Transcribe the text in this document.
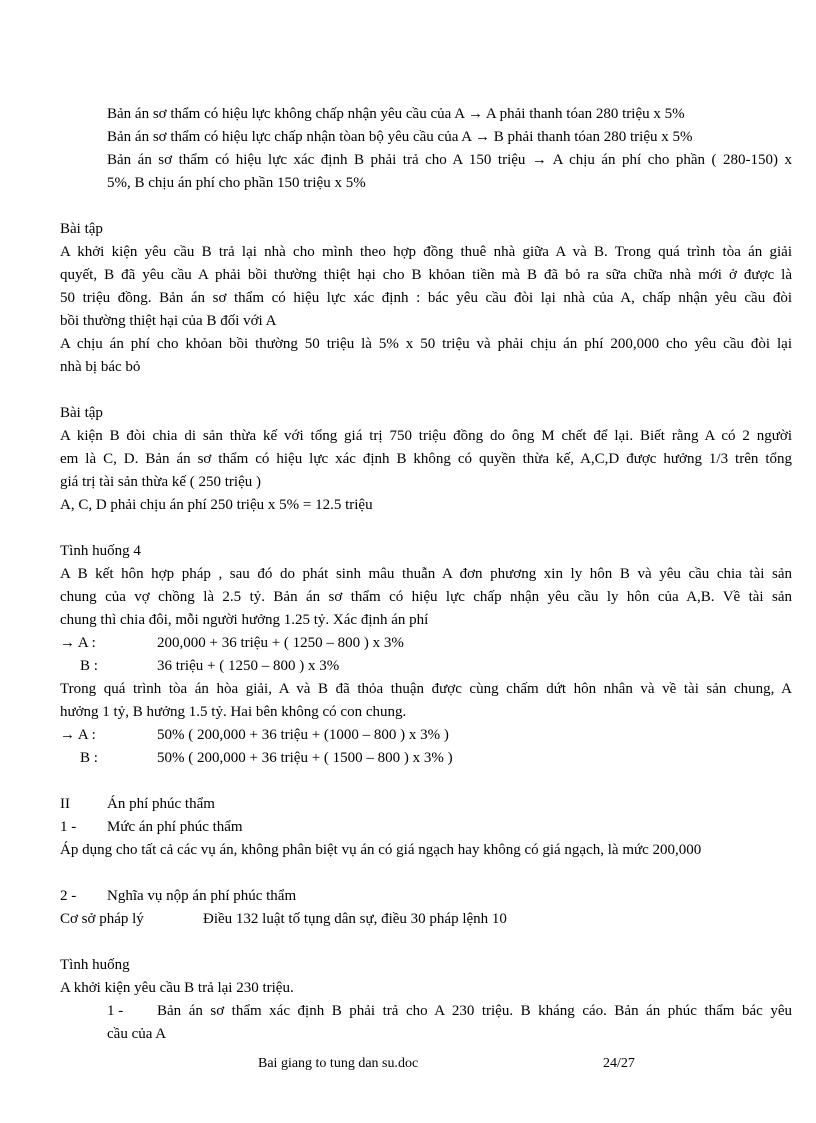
Bản án sơ thẩm có hiệu lực không chấp nhận yêu cầu của A → A phải thanh tóan 280 triệu x 5%
Bản án sơ thẩm có hiệu lực chấp nhận tòan bộ yêu cầu của A → B phải thanh tóan 280 triệu x 5%
Bản án sơ thẩm có hiệu lực xác định B phải trả cho A 150 triệu → A chịu án phí cho phần ( 280-150) x
5%, B chịu án phí cho phần 150 triệu x 5%
Bài tập
A khởi kiện yêu cầu B trả lại nhà cho mình theo hợp đồng thuê nhà giữa A và B. Trong quá trình tòa án giải
quyết, B đã yêu cầu A phải bồi thường thiệt hại cho B khỏan tiền mà B đã bỏ ra sữa chữa nhà mới ở được là
50 triệu đồng. Bản án sơ thẩm có hiệu lực xác định : bác yêu cầu đòi lại nhà của A, chấp nhận yêu cầu đòi
bồi thường thiệt hại của B đối với A
A chịu án phí cho khỏan bồi thường 50 triệu là 5% x 50 triệu và phải chịu án phí 200,000 cho yêu cầu đòi lại
nhà bị bác bỏ
Bài tập
A kiện B đòi chia di sản thừa kế với tổng giá trị 750 triệu đồng do ông M chết để lại. Biết rằng A có 2 người
em là C, D. Bản án sơ thẩm có hiệu lực xác định B không có quyền thừa kế, A,C,D được hưởng 1/3 trên tổng
giá trị tài sản thừa kế ( 250 triệu )
A, C, D phải chịu án phí 250 triệu x 5% = 12.5 triệu
Tình huống 4
A B kết hôn hợp pháp , sau đó do phát sinh mâu thuẫn A đơn phương xin ly hôn B và yêu cầu chia tài sản
chung của vợ chồng là 2.5 tỷ. Bản án sơ thẩm có hiệu lực chấp nhận yêu cầu ly hôn của A,B. Về tài sản
chung thì chia đôi, mỗi người hưởng 1.25 tỷ. Xác định án phí
→ A :	200,000 + 36 triệu + ( 1250 – 800 ) x 3%
B :	36 triệu + ( 1250 – 800 ) x 3%
Trong quá trình tòa án hòa giải, A và B đã thỏa thuận được cùng chấm dứt hôn nhân và về tài sản chung, A
hưởng 1 tỷ, B hưởng 1.5 tỷ. Hai bên không có con chung.
→ A :	50% ( 200,000 + 36 triệu + (1000 – 800 ) x 3% )
B :	50% ( 200,000 + 36 triệu + ( 1500 – 800 ) x 3% )
II Án phí phúc thẩm
1 - Mức án phí phúc thẩm
Áp dụng cho tất cả các vụ án, không phân biệt vụ án có giá ngạch hay không có giá ngạch, là mức 200,000
2 - Nghĩa vụ nộp án phí phúc thẩm
Cơ sở pháp lý	Điều 132 luật tố tụng dân sự, điều 30 pháp lệnh 10
Tình huống
A khởi kiện yêu cầu B trả lại 230 triệu.
1 - Bản án sơ thẩm xác định B phải trả cho A 230 triệu. B kháng cáo. Bản án phúc thẩm bác yêu
cầu của A
Bai giang to tung dan su.doc	24/27
